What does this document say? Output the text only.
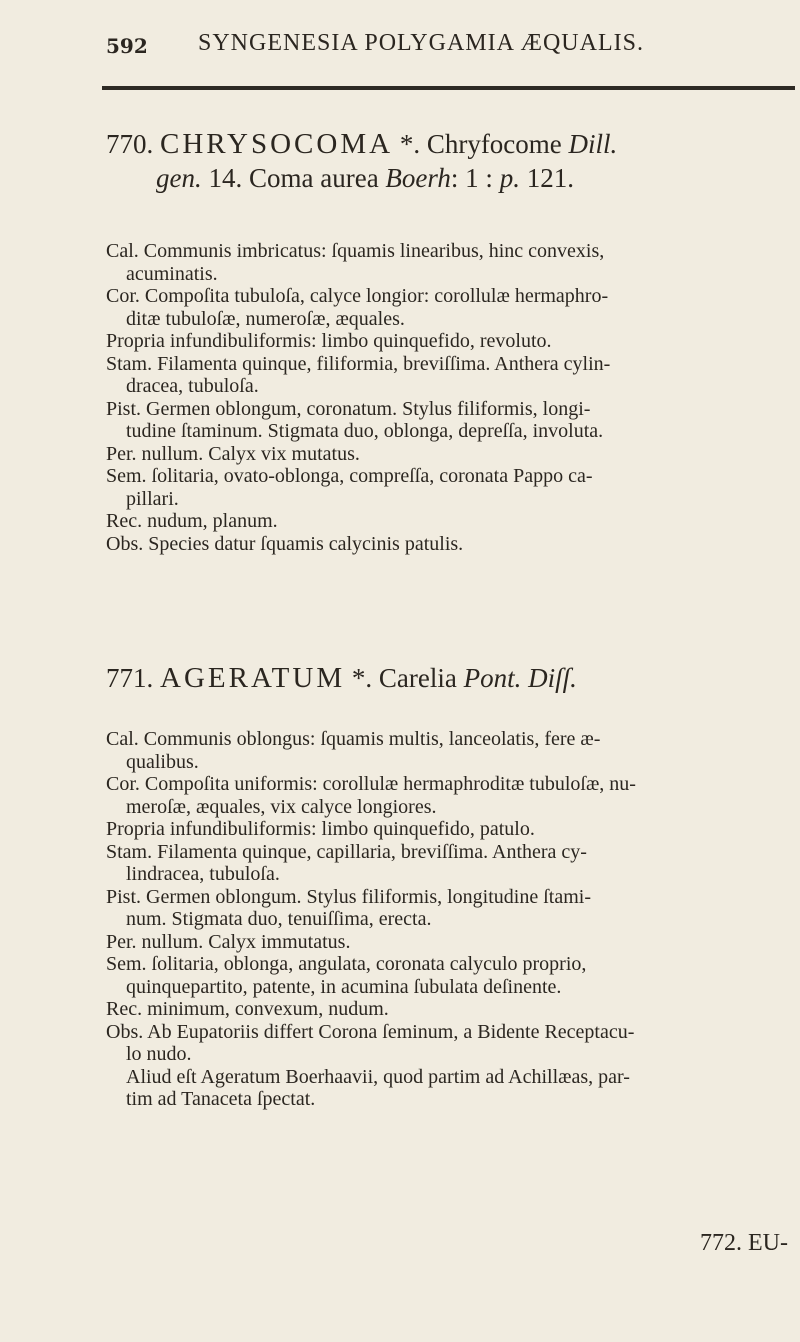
592 SYNGENESIA POLYGAMIA ÆQUALIS.
770. CHRYSOCOMA *. Chryfocome Dill.
gen. 14. Coma aurea Boerh: 1 : p. 121.
Cal. Communis imbricatus: ſquamis linearibus, hinc convexis,
acuminatis.
Cor. Compoſita tubuloſa, calyce longior: corollulæ hermaphro-
ditæ tubuloſæ, numeroſæ, æquales.
Propria infundibuliformis: limbo quinquefido, revoluto.
Stam. Filamenta quinque, filiformia, breviſſima. Anthera cylin-
dracea, tubuloſa.
Pist. Germen oblongum, coronatum. Stylus filiformis, longi-
tudine ſtaminum. Stigmata duo, oblonga, depreſſa, involuta.
Per. nullum. Calyx vix mutatus.
Sem. ſolitaria, ovato-oblonga, compreſſa, coronata Pappo ca-
pillari.
Rec. nudum, planum.
Obs. Species datur ſquamis calycinis patulis.
771. AGERATUM *. Carelia Pont. Diſſ.
Cal. Communis oblongus: ſquamis multis, lanceolatis, fere æ-
qualibus.
Cor. Compoſita uniformis: corollulæ hermaphroditæ tubuloſæ, nu-
meroſæ, æquales, vix calyce longiores.
Propria infundibuliformis: limbo quinquefido, patulo.
Stam. Filamenta quinque, capillaria, breviſſima. Anthera cy-
lindracea, tubuloſa.
Pist. Germen oblongum. Stylus filiformis, longitudine ſtami-
num. Stigmata duo, tenuiſſima, erecta.
Per. nullum. Calyx immutatus.
Sem. ſolitaria, oblonga, angulata, coronata calyculo proprio,
quinquepartito, patente, in acumina ſubulata deſinente.
Rec. minimum, convexum, nudum.
Obs. Ab Eupatoriis differt Corona ſeminum, a Bidente Receptacu-
lo nudo.
Aliud eſt Ageratum Boerhaavii, quod partim ad Achillæas, par-
tim ad Tanaceta ſpectat.
772. EU-
